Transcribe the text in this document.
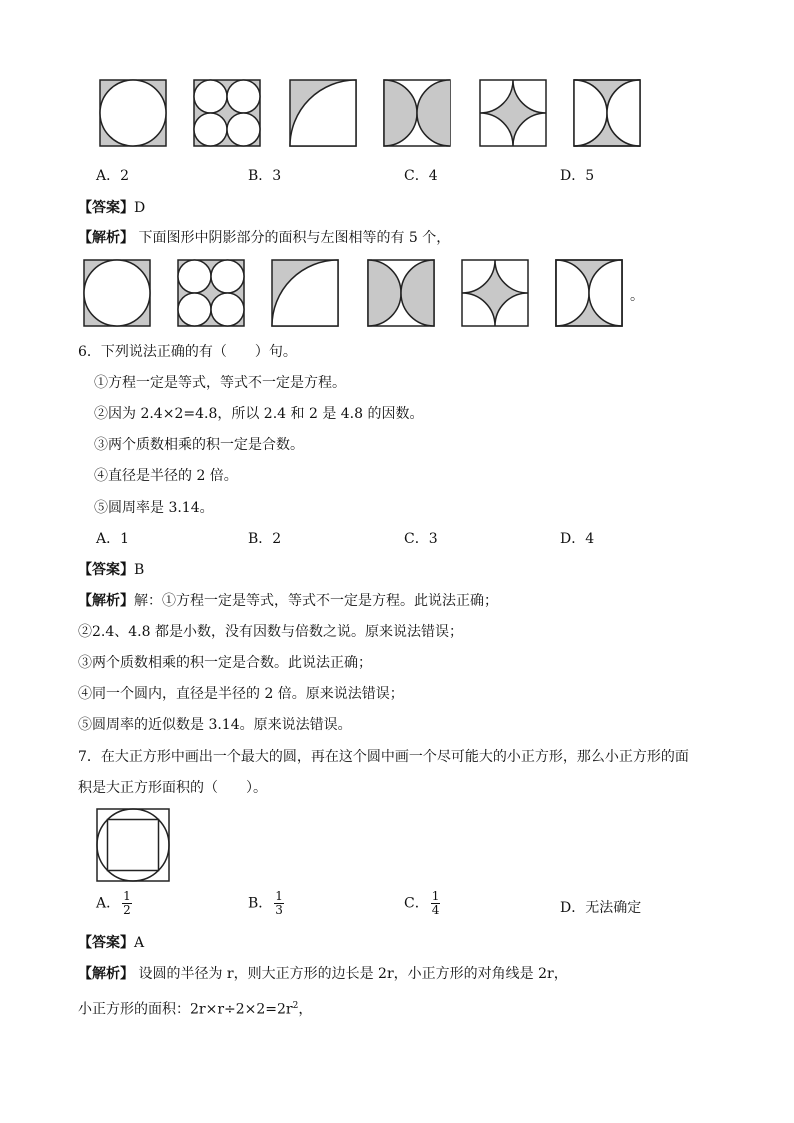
A．2	B．3	C．4	D．5
【答案】D
【解析】 下面图形中阴影部分的面积与左图相等的有 5 个，
。
6．下列说法正确的有（　　）句。
①方程一定是等式，等式不一定是方程。
②因为 2.4×2=4.8，所以 2.4 和 2 是 4.8 的因数。
③两个质数相乘的积一定是合数。
④直径是半径的 2 倍。
⑤圆周率是 3.14。
A．1	B．2	C．3	D．4
【答案】B
【解析】解：①方程一定是等式，等式不一定是方程。此说法正确；
②2.4、4.8 都是小数，没有因数与倍数之说。原来说法错误；
③两个质数相乘的积一定是合数。此说法正确；
④同一个圆内，直径是半径的 2 倍。原来说法错误；
⑤圆周率的近似数是 3.14。原来说法错误。
7．在大正方形中画出一个最大的圆，再在这个圆中画一个尽可能大的小正方形，那么小正方形的面
积是大正方形面积的（　　）。
A． $\frac{1}{2}$	B． $\frac{1}{3}$	C． $\frac{1}{4}$	D．无法确定
【答案】A
【解析】 设圆的半径为 r，则大正方形的边长是 2r，小正方形的对角线是 2r，
小正方形的面积：$2r\times r\div 2\times 2=2r^2$，
